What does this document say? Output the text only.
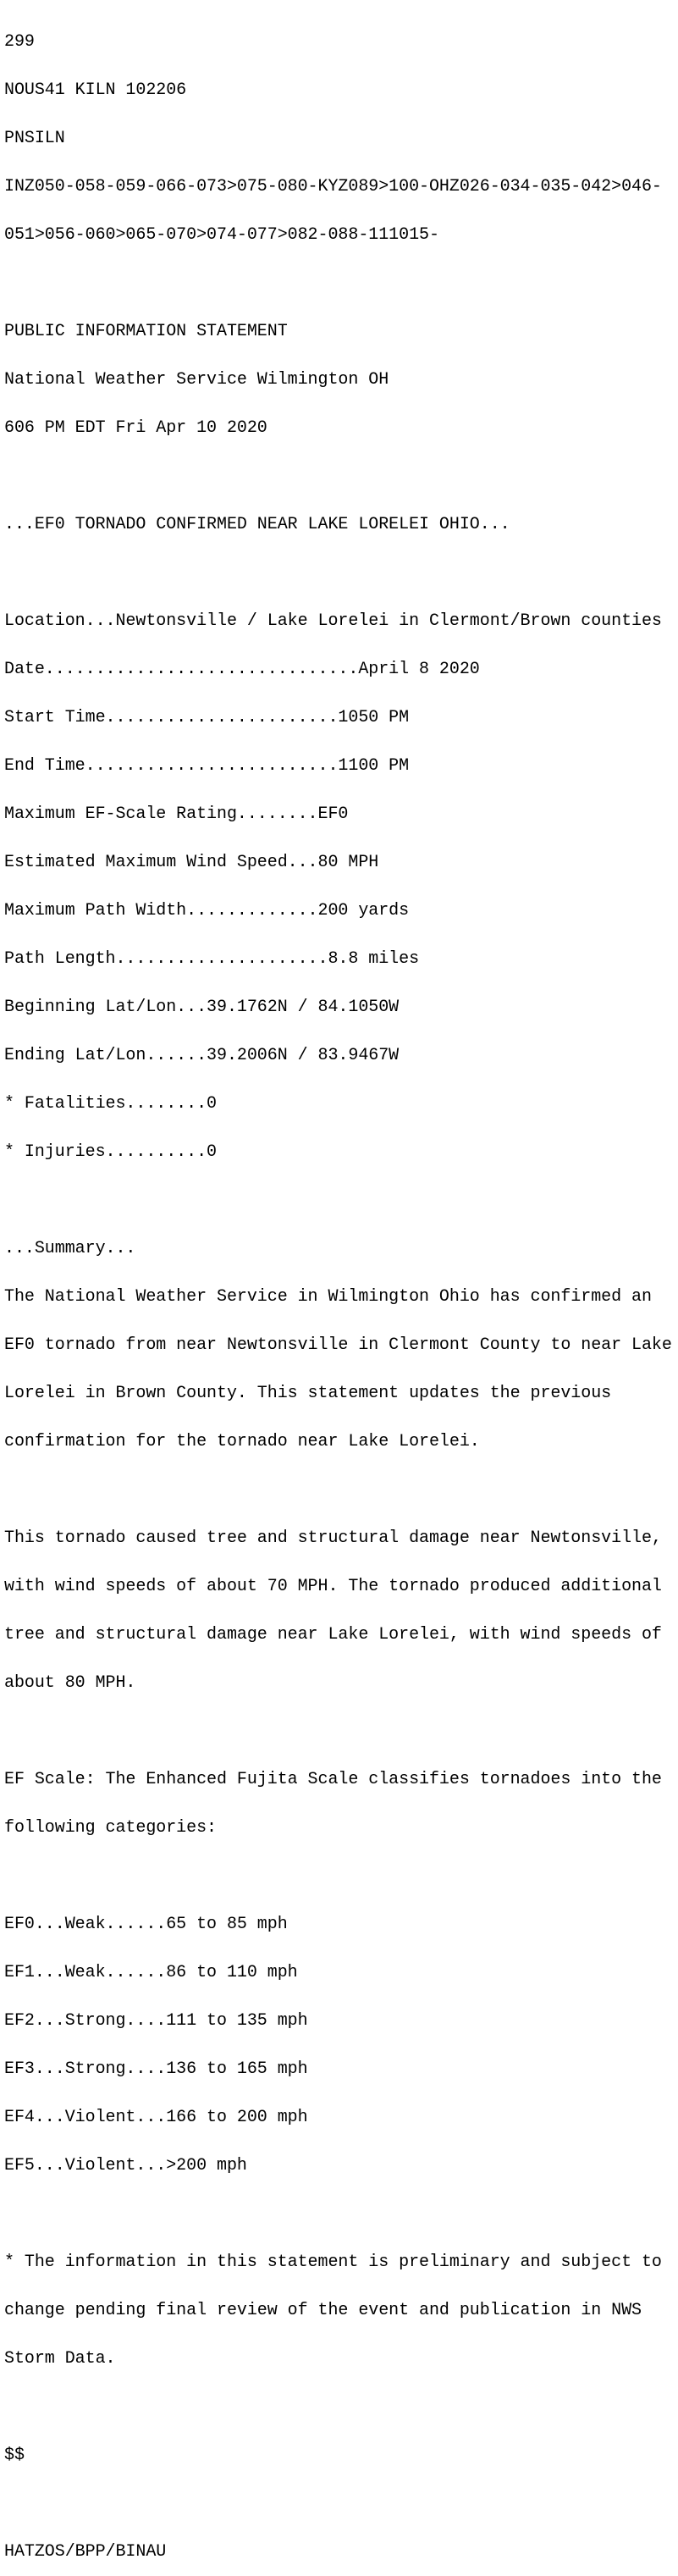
299

NOUS41 KILN 102206

PNSILN

INZ050-058-059-066-073>075-080-KYZ089>100-OHZ026-034-035-042>046-

051>056-060>065-070>074-077>082-088-111015-

PUBLIC INFORMATION STATEMENT

National Weather Service Wilmington OH

606 PM EDT Fri Apr 10 2020

...EF0 TORNADO CONFIRMED NEAR LAKE LORELEI OHIO...

Location...Newtonsville / Lake Lorelei in Clermont/Brown counties

Date...............................April 8 2020

Start Time.......................1050 PM

End Time.........................1100 PM

Maximum EF-Scale Rating........EF0

Estimated Maximum Wind Speed...80 MPH

Maximum Path Width.............200 yards

Path Length.....................8.8 miles

Beginning Lat/Lon...39.1762N / 84.1050W

Ending Lat/Lon......39.2006N / 83.9467W

* Fatalities........0

* Injuries..........0

...Summary...

The National Weather Service in Wilmington Ohio has confirmed an

EF0 tornado from near Newtonsville in Clermont County to near Lake

Lorelei in Brown County. This statement updates the previous

confirmation for the tornado near Lake Lorelei.

This tornado caused tree and structural damage near Newtonsville,

with wind speeds of about 70 MPH. The tornado produced additional

tree and structural damage near Lake Lorelei, with wind speeds of

about 80 MPH.

EF Scale: The Enhanced Fujita Scale classifies tornadoes into the

following categories:

EF0...Weak......65 to 85 mph

EF1...Weak......86 to 110 mph

EF2...Strong....111 to 135 mph

EF3...Strong....136 to 165 mph

EF4...Violent...166 to 200 mph

EF5...Violent...>200 mph

* The information in this statement is preliminary and subject to

change pending final review of the event and publication in NWS

Storm Data.

$$

HATZOS/BPP/BINAU
